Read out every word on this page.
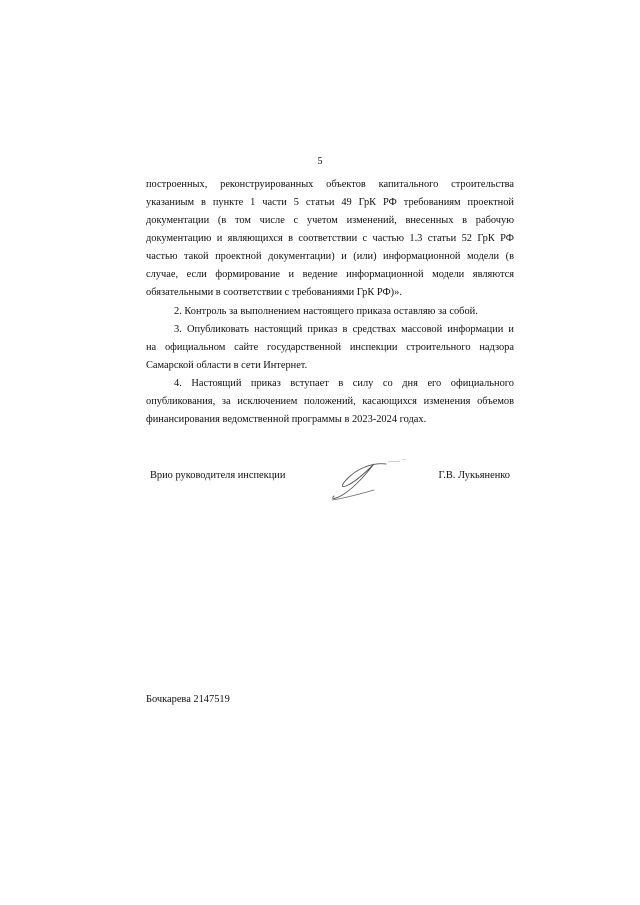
5
построенных, реконструированных объектов капитального строительства
указаниым в пункте 1 части 5 статьи 49 ГрК РФ требованиям проектной
документации (в том числе с учетом изменений, внесенных в рабочую
документацию и являющихся в соответствии с частью 1.3 статьи 52 ГрК РФ
частью такой проектной документации) и (или) информационной модели (в
случае, если формирование и ведение информационной модели являются
обязательными в соответствии с требованиями ГрК РФ)».
2. Контроль за выполнением настоящего приказа оставляю за собой.
3. Опубликовать настоящий приказ в средствах массовой информации и
на официальном сайте государственной инспекции строительного надзора
Самарской области в сети Интернет.
4. Настоящий приказ вступает в силу со дня его официального
опубликования, за исключением положений, касающихся изменения объемов
финансирования ведомственной программы в 2023-2024 годах.
Врио руководителя инспекции	Г.В. Лукьяненко
Бочкарева 2147519
